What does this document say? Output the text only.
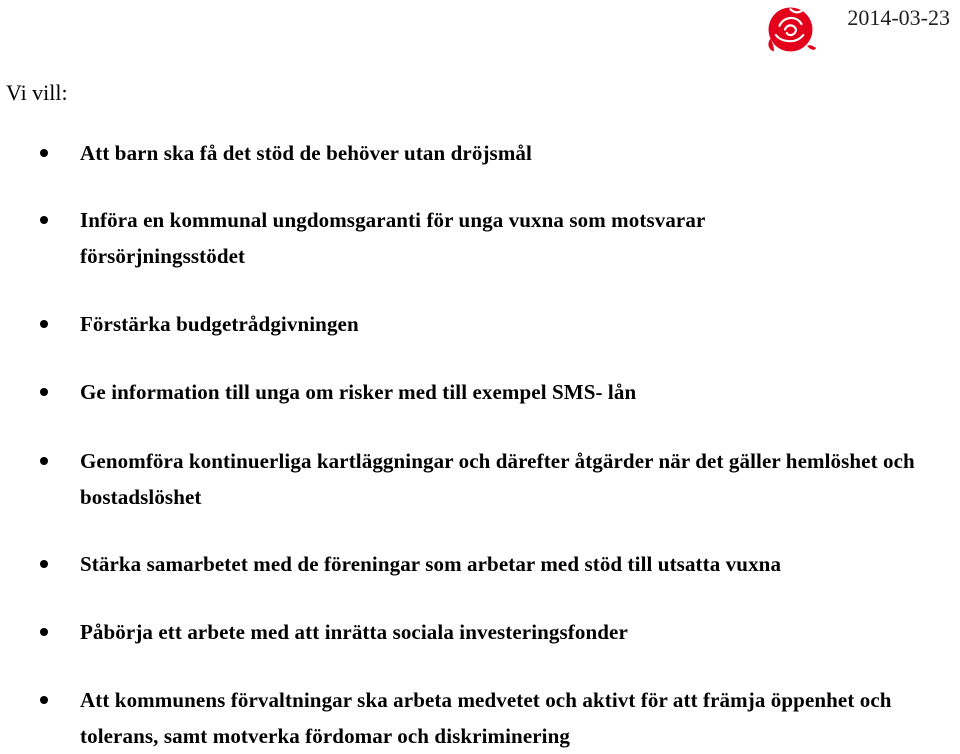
2014-03-23
Vi vill:
Att barn ska få det stöd de behöver utan dröjsmål
Införa en kommunal ungdomsgaranti för unga vuxna som motsvarar försörjningsstödet
Förstärka budgetrådgivningen
Ge information till unga om risker med till exempel SMS- lån
Genomföra kontinuerliga kartläggningar och därefter åtgärder när det gäller hemlöshet och bostadslöshet
Stärka samarbetet med de föreningar som arbetar med stöd till utsatta vuxna
Påbörja ett arbete med att inrätta sociala investeringsfonder
Att kommunens förvaltningar ska arbeta medvetet och aktivt för att främja öppenhet och tolerans, samt motverka fördomar och diskriminering
